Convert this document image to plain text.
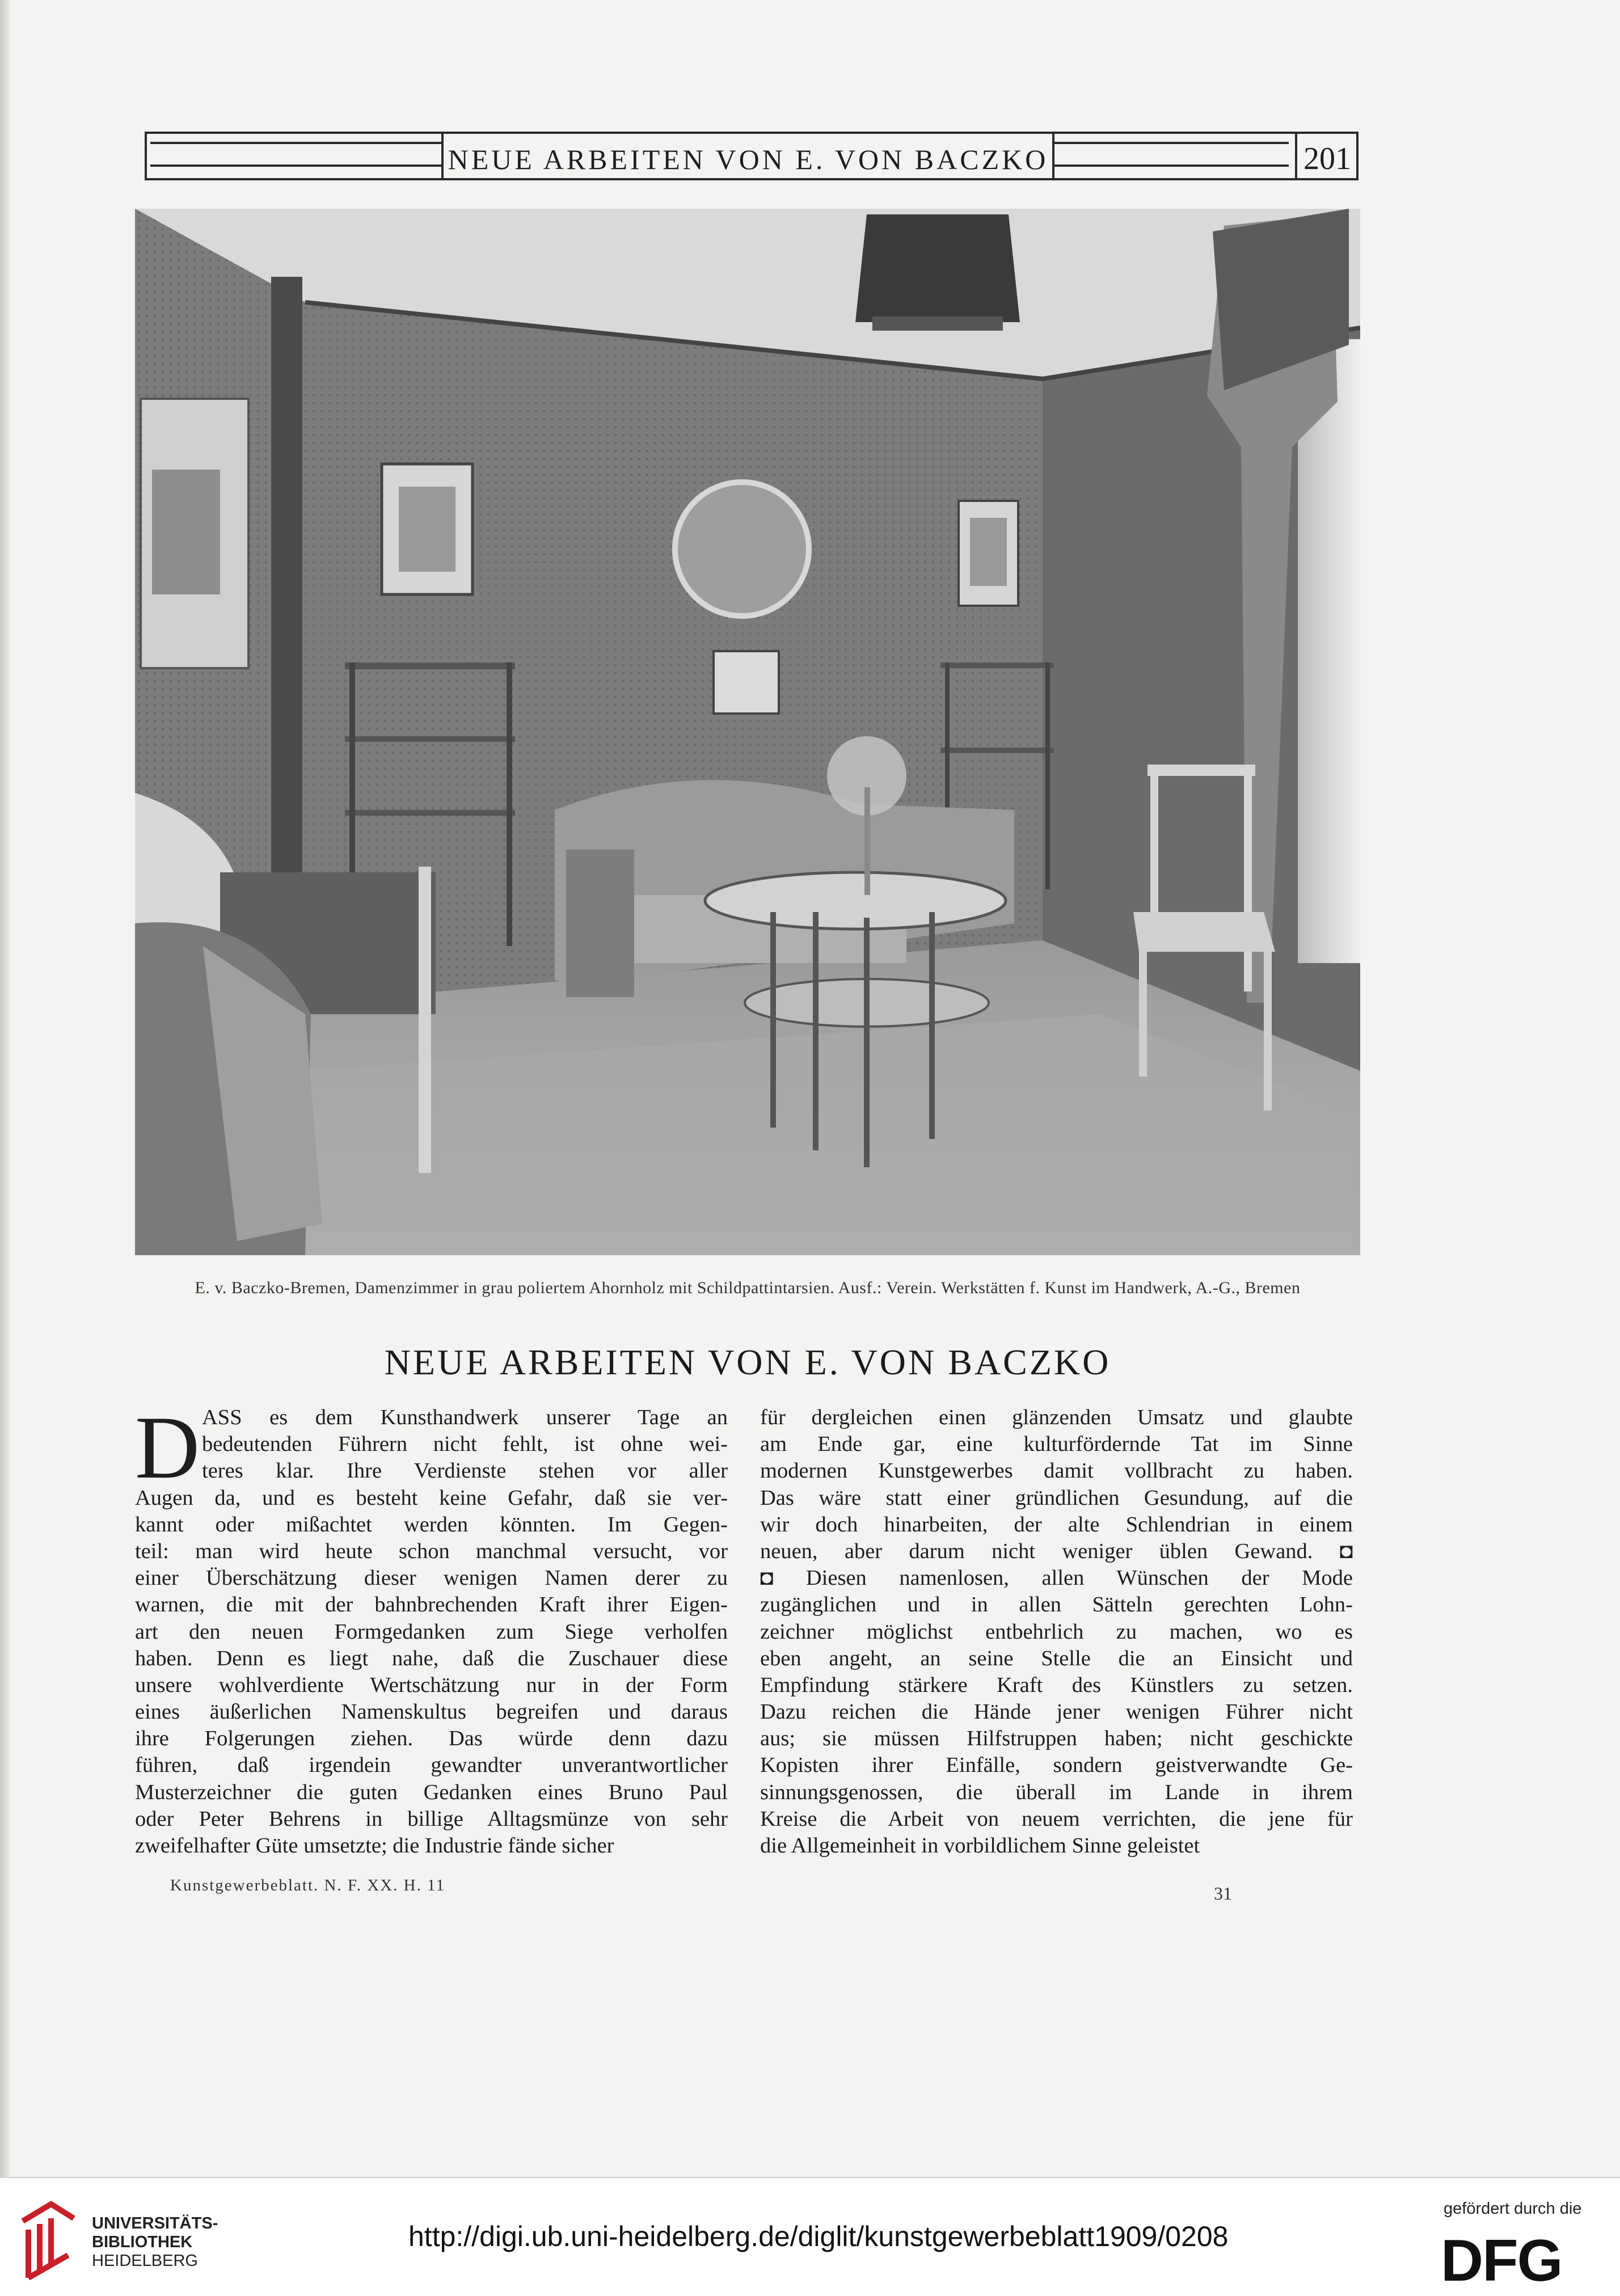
NEUE ARBEITEN VON E. VON BACZKO	201
E. v. Baczko-Bremen, Damenzimmer in grau poliertem Ahornholz mit Schildpattintarsien. Ausf.: Verein. Werkstätten f. Kunst im Handwerk, A.-G., Bremen
NEUE ARBEITEN VON E. VON BACZKO
D ASS es dem Kunsthandwerk unserer Tage an
bedeutenden Führern nicht fehlt, ist ohne wei-
teres klar. Ihre Verdienste stehen vor aller
Augen da, und es besteht keine Gefahr, daß sie ver-
kannt oder mißachtet werden könnten. Im Gegen-
teil: man wird heute schon manchmal versucht, vor
einer Überschätzung dieser wenigen Namen derer zu
warnen, die mit der bahnbrechenden Kraft ihrer Eigen-
art den neuen Formgedanken zum Siege verholfen
haben. Denn es liegt nahe, daß die Zuschauer diese
unsere wohlverdiente Wertschätzung nur in der Form
eines äußerlichen Namenskultus begreifen und daraus
ihre Folgerungen ziehen. Das würde denn dazu
führen, daß irgendein gewandter unverantwortlicher
Musterzeichner die guten Gedanken eines Bruno Paul
oder Peter Behrens in billige Alltagsmünze von sehr
zweifelhafter Güte umsetzte; die Industrie fände sicher
für dergleichen einen glänzenden Umsatz und glaubte
am Ende gar, eine kulturfördernde Tat im Sinne
modernen Kunstgewerbes damit vollbracht zu haben.
Das wäre statt einer gründlichen Gesundung, auf die
wir doch hinarbeiten, der alte Schlendrian in einem
neuen, aber darum nicht weniger üblen Gewand. ◘
◘ Diesen namenlosen, allen Wünschen der Mode
zugänglichen und in allen Sätteln gerechten Lohn-
zeichner möglichst entbehrlich zu machen, wo es
eben angeht, an seine Stelle die an Einsicht und
Empfindung stärkere Kraft des Künstlers zu setzen.
Dazu reichen die Hände jener wenigen Führer nicht
aus; sie müssen Hilfstruppen haben; nicht geschickte
Kopisten ihrer Einfälle, sondern geistverwandte Ge-
sinnungsgenossen, die überall im Lande in ihrem
Kreise die Arbeit von neuem verrichten, die jene für
die Allgemeinheit in vorbildlichem Sinne geleistet
Kunstgewerbeblatt. N. F. XX. H. 11	31
UNIVERSITÄTS-
BIBLIOTHEK
HEIDELBERG
http://digi.ub.uni-heidelberg.de/diglit/kunstgewerbeblatt1909/0208
gefördert durch die
DFG
